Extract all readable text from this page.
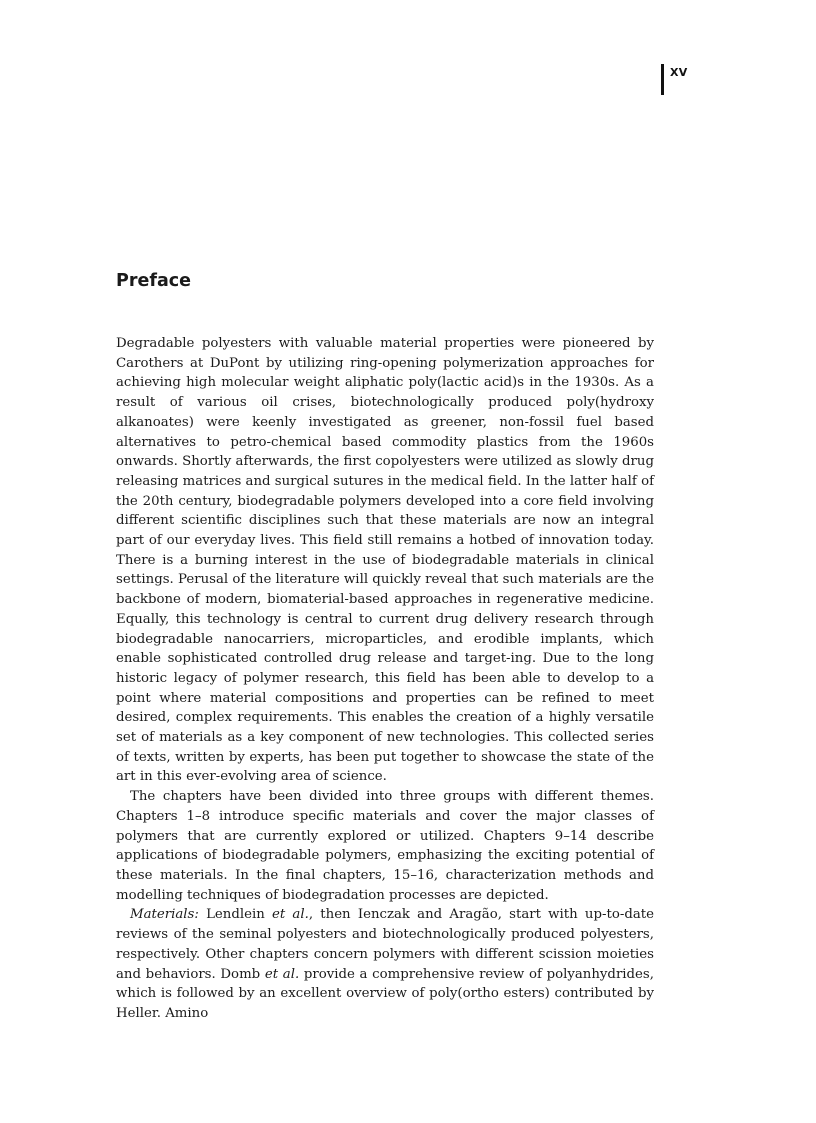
XV
Preface

Degradable polyesters with valuable material properties were pioneered by Carothers at DuPont by utilizing ring-opening polymerization approaches for achieving high molecular weight aliphatic poly(lactic acid)s in the 1930s. As a result of various oil crises, biotechnologically produced poly(hydroxy alkanoates) were keenly investigated as greener, non-fossil fuel based alternatives to petro-chemical based commodity plastics from the 1960s onwards. Shortly afterwards, the first copolyesters were utilized as slowly drug releasing matrices and surgical sutures in the medical field. In the latter half of the 20th century, biodegradable polymers developed into a core field involving different scientific disciplines such that these materials are now an integral part of our everyday lives. This field still remains a hotbed of innovation today. There is a burning interest in the use of biodegradable materials in clinical settings. Perusal of the literature will quickly reveal that such materials are the backbone of modern, biomaterial-based approaches in regenerative medicine. Equally, this technology is central to current drug delivery research through biodegradable nanocarriers, microparticles, and erodible implants, which enable sophisticated controlled drug release and target-ing. Due to the long historic legacy of polymer research, this field has been able to develop to a point where material compositions and properties can be refined to meet desired, complex requirements. This enables the creation of a highly versatile set of materials as a key component of new technologies. This collected series of texts, written by experts, has been put together to showcase the state of the art in this ever-evolving area of science.

The chapters have been divided into three groups with different themes. Chapters 1–8 introduce specific materials and cover the major classes of polymers that are currently explored or utilized. Chapters 9–14 describe applications of biodegradable polymers, emphasizing the exciting potential of these materials. In the final chapters, 15–16, characterization methods and modelling techniques of biodegradation processes are depicted.

Materials: Lendlein et al., then Ienczak and Aragão, start with up-to-date reviews of the seminal polyesters and biotechnologically produced polyesters, respectively. Other chapters concern polymers with different scission moieties and behaviors. Domb et al. provide a comprehensive review of polyanhydrides, which is followed by an excellent overview of poly(ortho esters) contributed by Heller. Amino
